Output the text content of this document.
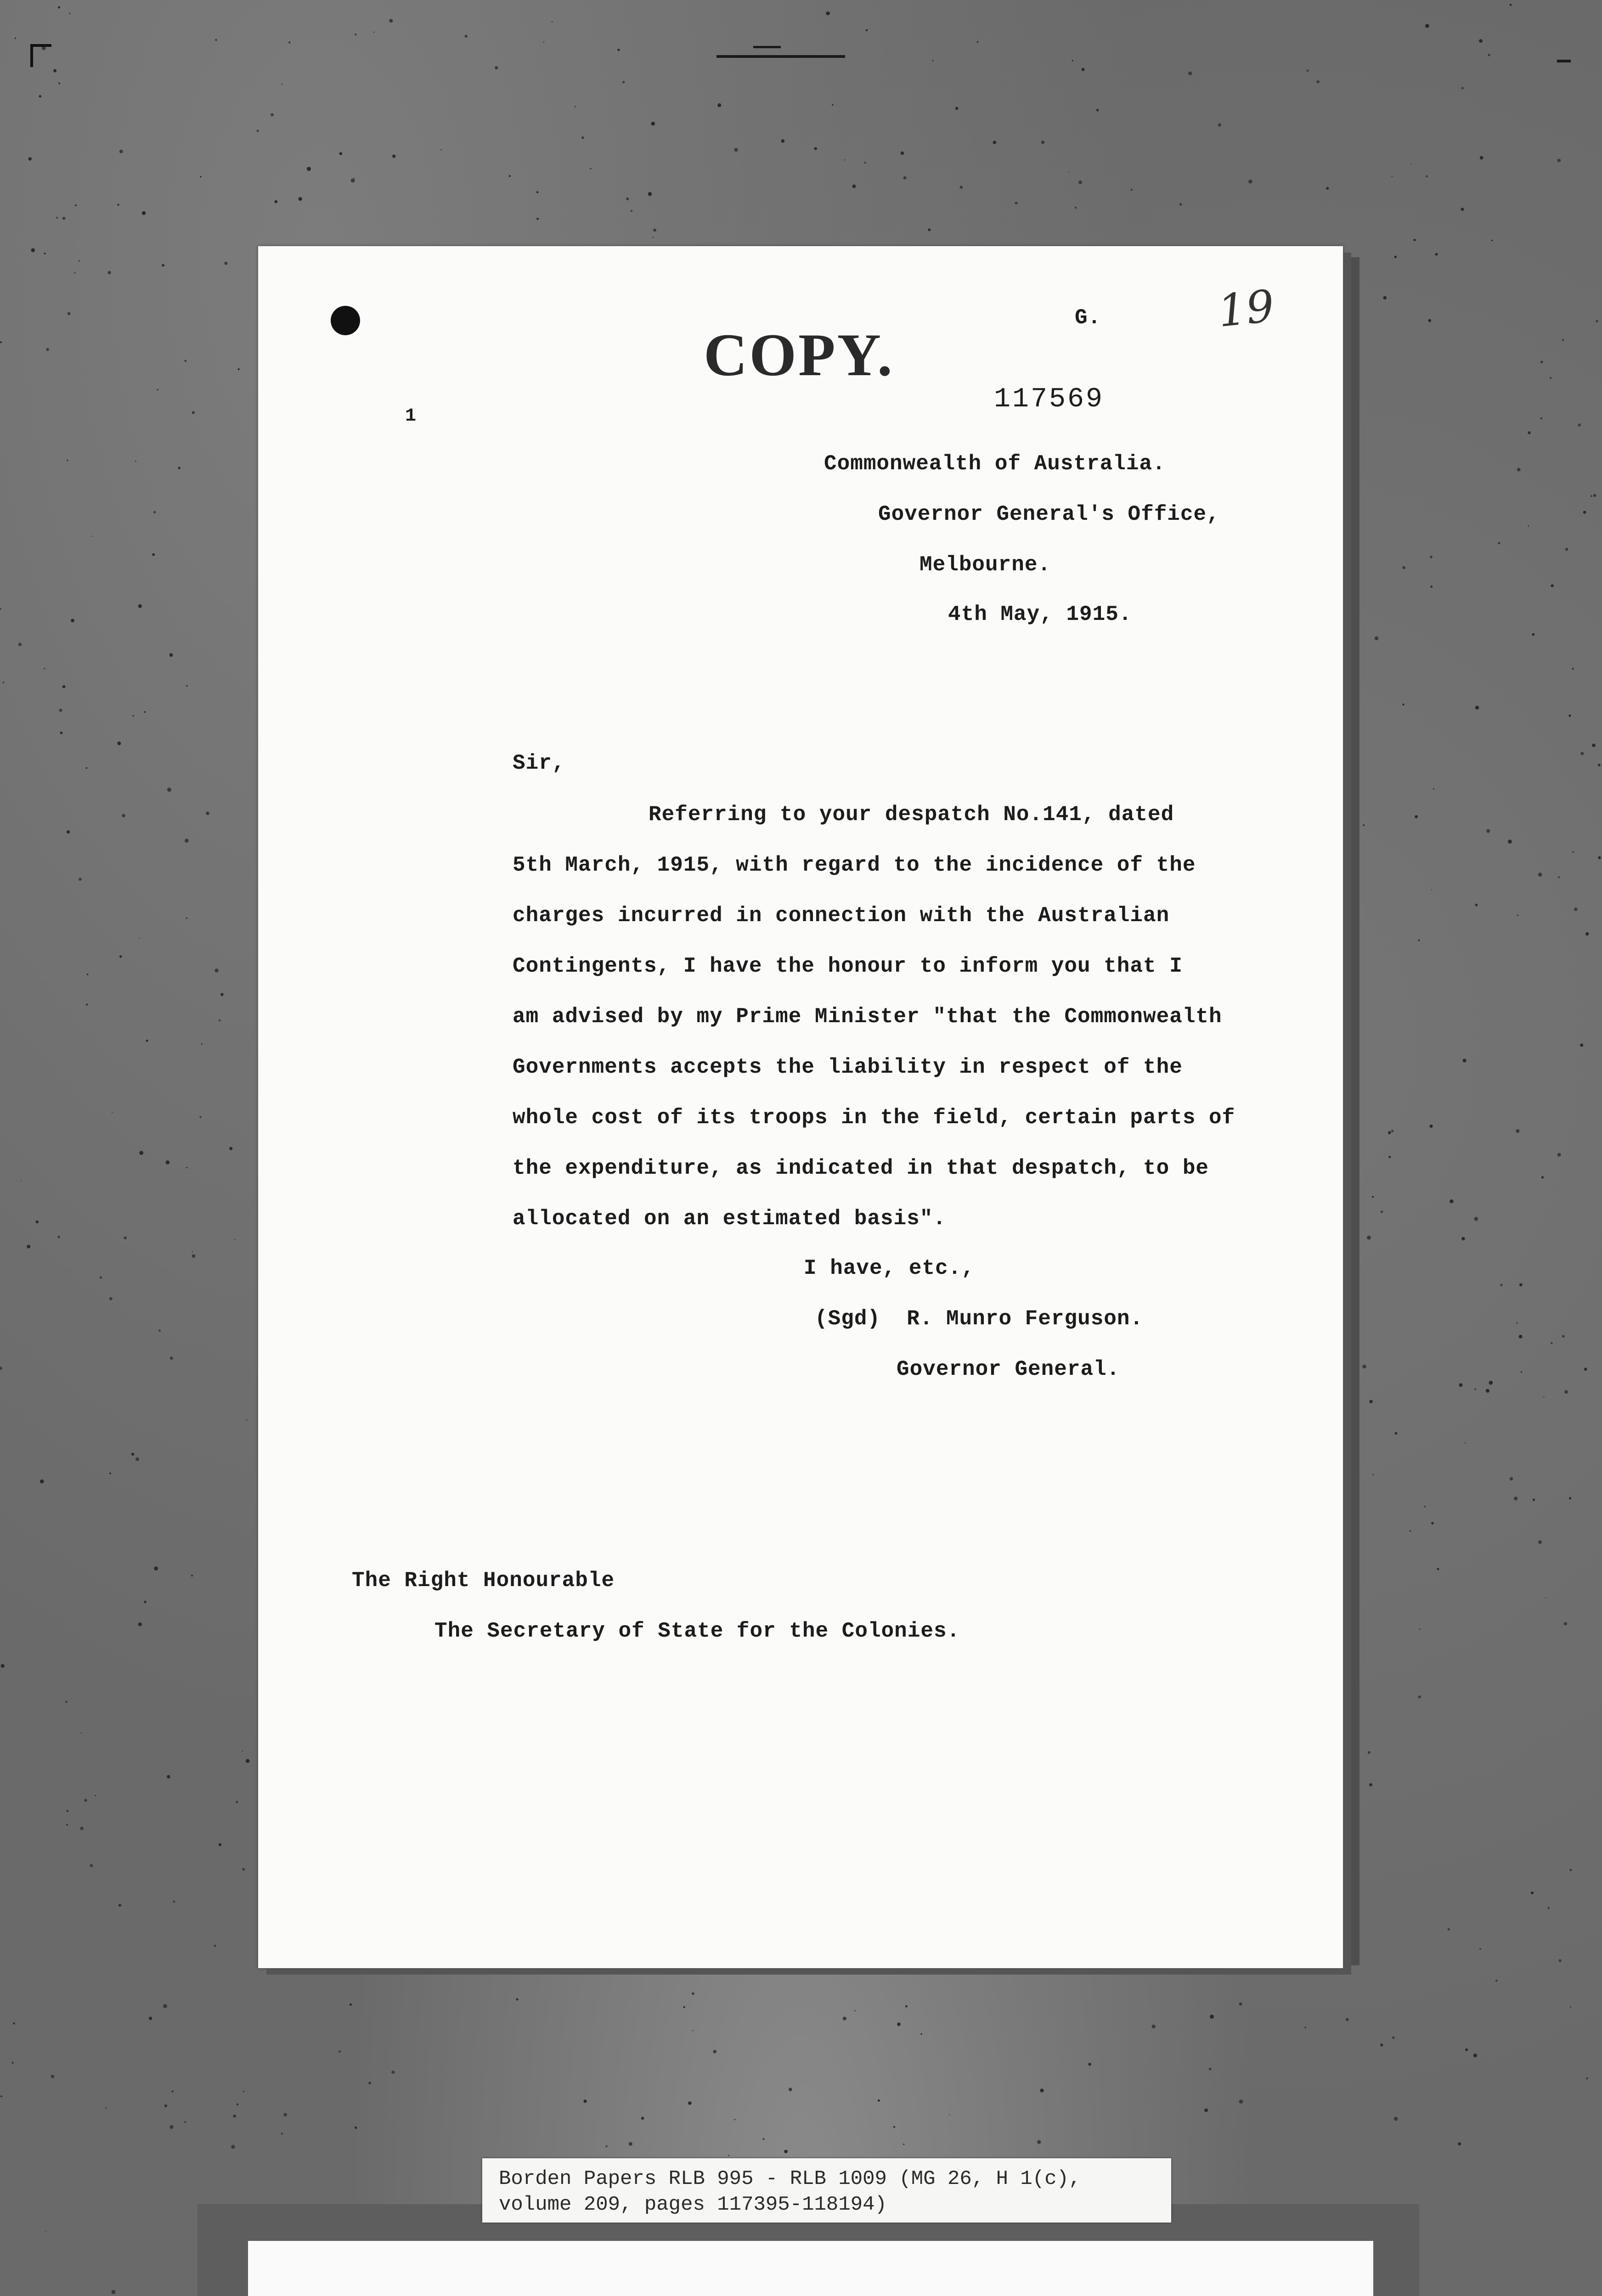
COPY.
G.	19
1
117569
Commonwealth of Australia.
Governor General's Office,
Melbourne.
4th May, 1915.
Sir,
Referring to your despatch No.141, dated
5th March, 1915, with regard to the incidence of the
charges incurred in connection with the Australian
Contingents, I have the honour to inform you that I
am advised by my Prime Minister "that the Commonwealth
Governments accepts the liability in respect of the
whole cost of its troops in the field, certain parts of
the expenditure, as indicated in that despatch, to be
allocated on an estimated basis".
I have, etc.,
(Sgd)  R. Munro Ferguson.
Governor General.
The Right Honourable
The Secretary of State for the Colonies.
Borden Papers RLB 995 - RLB 1009 (MG 26, H 1(c),
volume 209, pages 117395-118194)
